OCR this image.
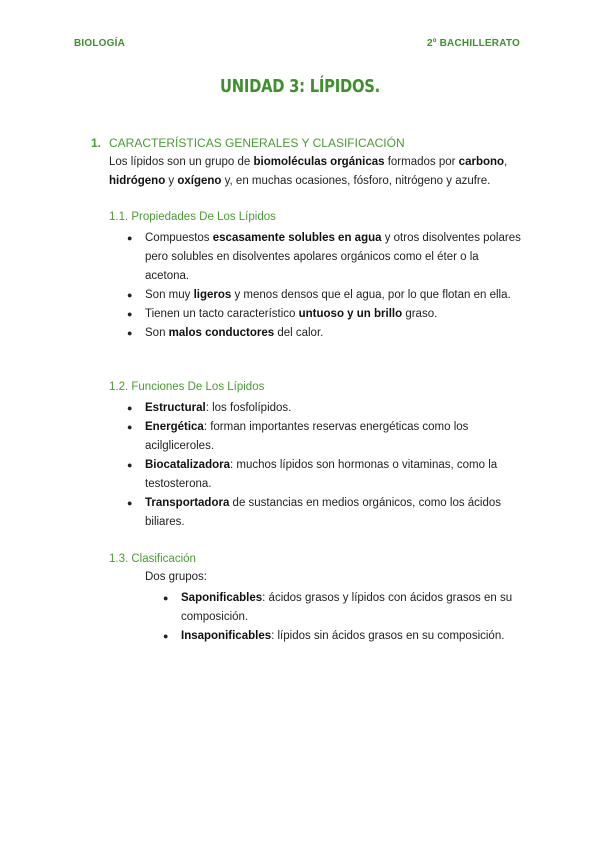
BIOLOGÍA	2º BACHILLERATO
UNIDAD 3: LÍPIDOS.
1. CARACTERÍSTICAS GENERALES Y CLASIFICACIÓN
Los lípidos son un grupo de biomoléculas orgánicas formados por carbono, hidrógeno y oxígeno y, en muchas ocasiones, fósforo, nitrógeno y azufre.
1.1. Propiedades De Los Lípidos
● Compuestos escasamente solubles en agua y otros disolventes polares pero solubles en disolventes apolares orgánicos como el éter o la acetona.
● Son muy ligeros y menos densos que el agua, por lo que flotan en ella.
● Tienen un tacto característico untuoso y un brillo graso.
● Son malos conductores del calor.
1.2. Funciones De Los Lípidos
● Estructural: los fosfolípidos.
● Energética: forman importantes reservas energéticas como los acilgliceroles.
● Biocatalizadora: muchos lípidos son hormonas o vitaminas, como la testosterona.
● Transportadora de sustancias en medios orgánicos, como los ácidos biliares.
1.3. Clasificación
Dos grupos:
● Saponificables: ácidos grasos y lípidos con ácidos grasos en su composición.
● Insaponificables: lípidos sin ácidos grasos en su composición.
